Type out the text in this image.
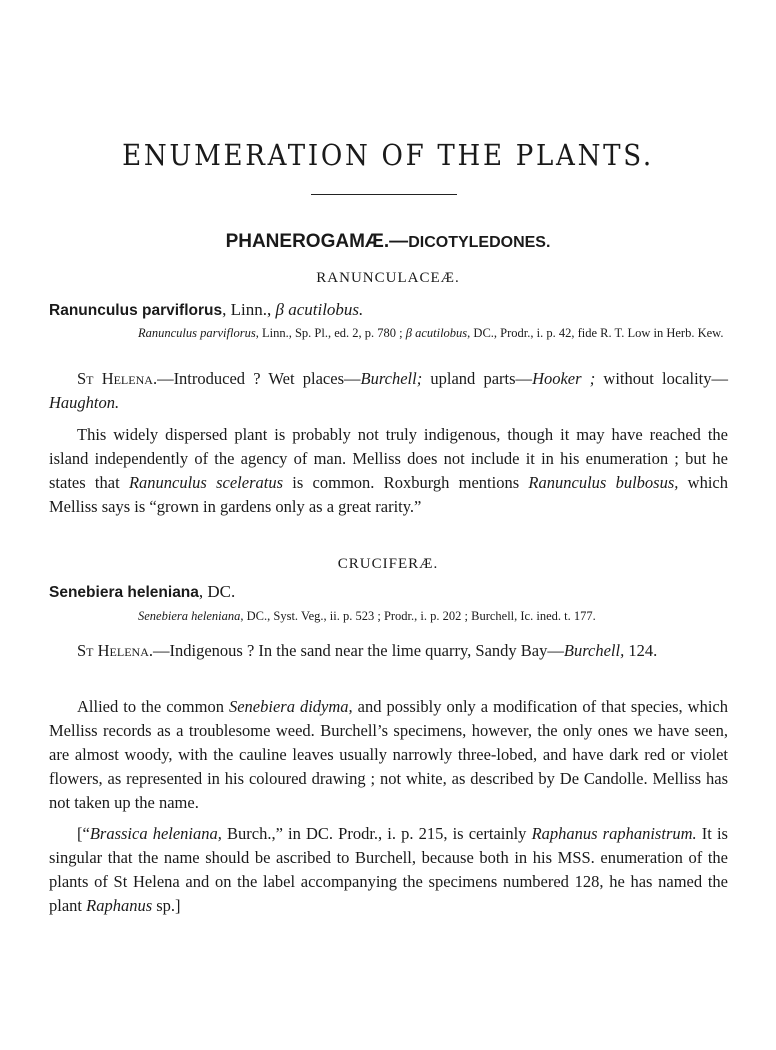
ENUMERATION OF THE PLANTS.
PHANEROGAMÆ.—DICOTYLEDONES.
RANUNCULACEÆ.
Ranunculus parviflorus, Linn., β acutilobus.
Ranunculus parviflorus, Linn., Sp. Pl., ed. 2, p. 780 ; β acutilobus, DC., Prodr., i. p. 42, fide R. T. Low in Herb. Kew.
St Helena.—Introduced ? Wet places—Burchell; upland parts—Hooker ; without locality—Haughton.
This widely dispersed plant is probably not truly indigenous, though it may have reached the island independently of the agency of man. Melliss does not include it in his enumeration ; but he states that Ranunculus sceleratus is common. Roxburgh mentions Ranunculus bulbosus, which Melliss says is “grown in gardens only as a great rarity.”
CRUCIFERÆ.
Senebiera heleniana, DC.
Senebiera heleniana, DC., Syst. Veg., ii. p. 523 ; Prodr., i. p. 202 ; Burchell, Ic. ined. t. 177.
St Helena.—Indigenous ? In the sand near the lime quarry, Sandy Bay—Burchell, 124.
Allied to the common Senebiera didyma, and possibly only a modification of that species, which Melliss records as a troublesome weed. Burchell’s specimens, however, the only ones we have seen, are almost woody, with the cauline leaves usually narrowly three-lobed, and have dark red or violet flowers, as represented in his coloured drawing ; not white, as described by De Candolle. Melliss has not taken up the name.
[“Brassica heleniana, Burch.,” in DC. Prodr., i. p. 215, is certainly Raphanus raphanistrum. It is singular that the name should be ascribed to Burchell, because both in his MSS. enumeration of the plants of St Helena and on the label accompanying the specimens numbered 128, he has named the plant Raphanus sp.]
